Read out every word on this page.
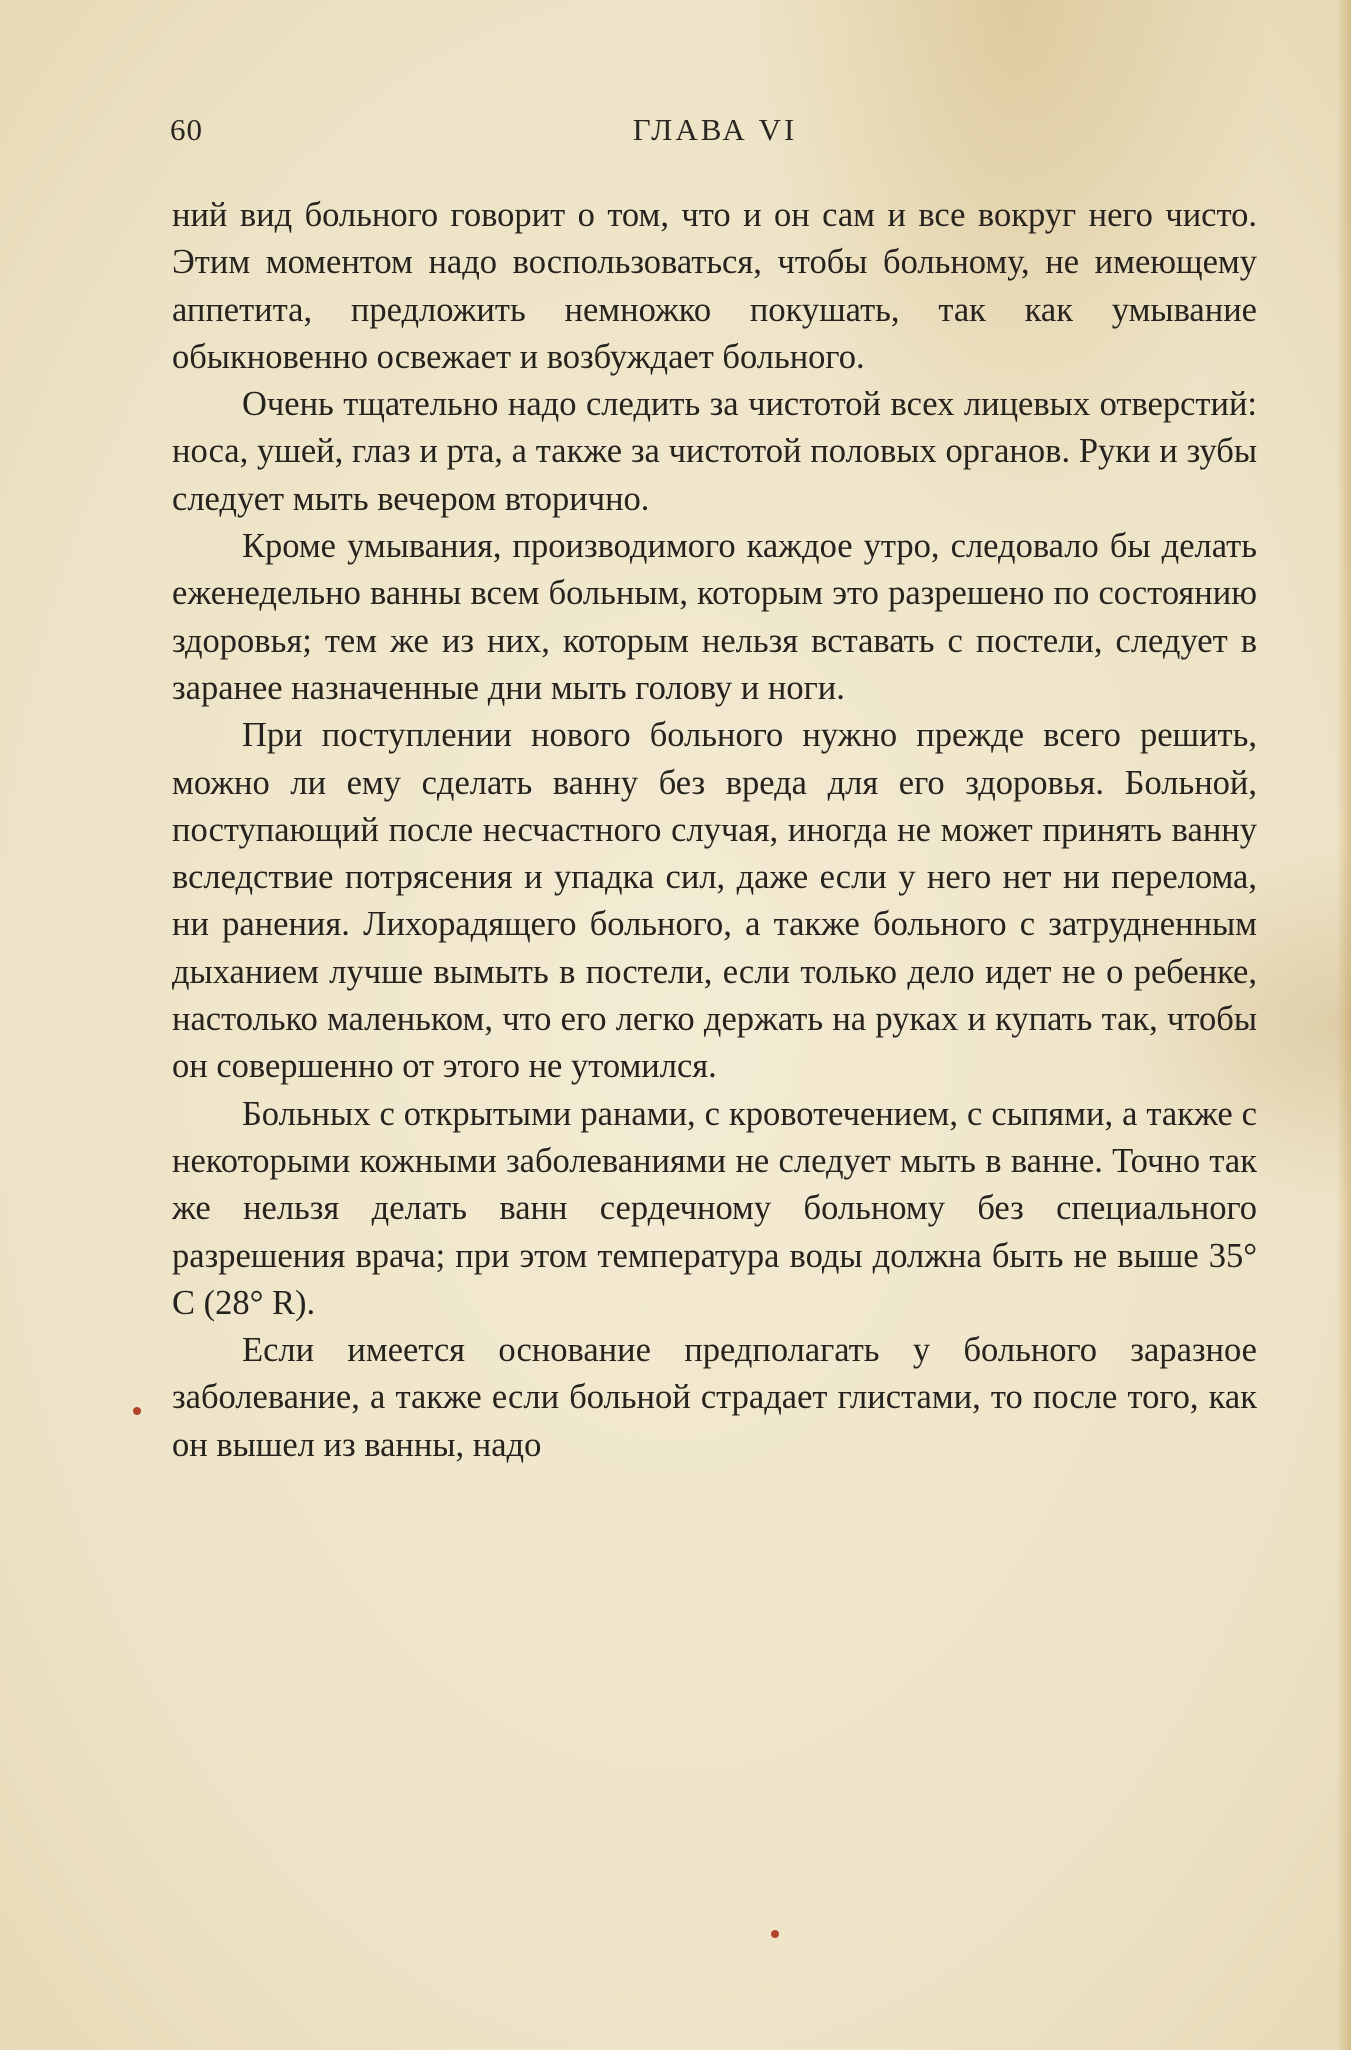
60	ГЛАВА VI

ний вид больного говорит о том, что и он сам и все вокруг него чисто. Этим моментом надо воспользоваться, чтобы больному, не имеющему аппетита, предложить немножко покушать, так как умывание обыкновенно освежает и возбуждает больного.

Очень тщательно надо следить за чистотой всех лицевых отверстий: носа, ушей, глаз и рта, а также за чистотой половых органов. Руки и зубы следует мыть вечером вторично.

Кроме умывания, производимого каждое утро, следовало бы делать еженедельно ванны всем больным, которым это разрешено по состоянию здоровья; тем же из них, которым нельзя вставать с постели, следует в заранее назначенные дни мыть голову и ноги.

При поступлении нового больного нужно прежде всего решить, можно ли ему сделать ванну без вреда для его здоровья. Больной, поступающий после несчастного случая, иногда не может принять ванну вследствие потрясения и упадка сил, даже если у него нет ни перелома, ни ранения. Лихорадящего больного, а также больного с затрудненным дыханием лучше вымыть в постели, если только дело идет не о ребенке, настолько маленьком, что его легко держать на руках и купать так, чтобы он совершенно от этого не утомился.

Больных с открытыми ранами, с кровотечением, с сыпями, а также с некоторыми кожными заболеваниями не следует мыть в ванне. Точно так же нельзя делать ванн сердечному больному без специального разрешения врача; при этом температура воды должна быть не выше 35° С (28° R).

Если имеется основание предполагать у больного заразное заболевание, а также если больной страдает глистами, то после того, как он вышел из ванны, надо
